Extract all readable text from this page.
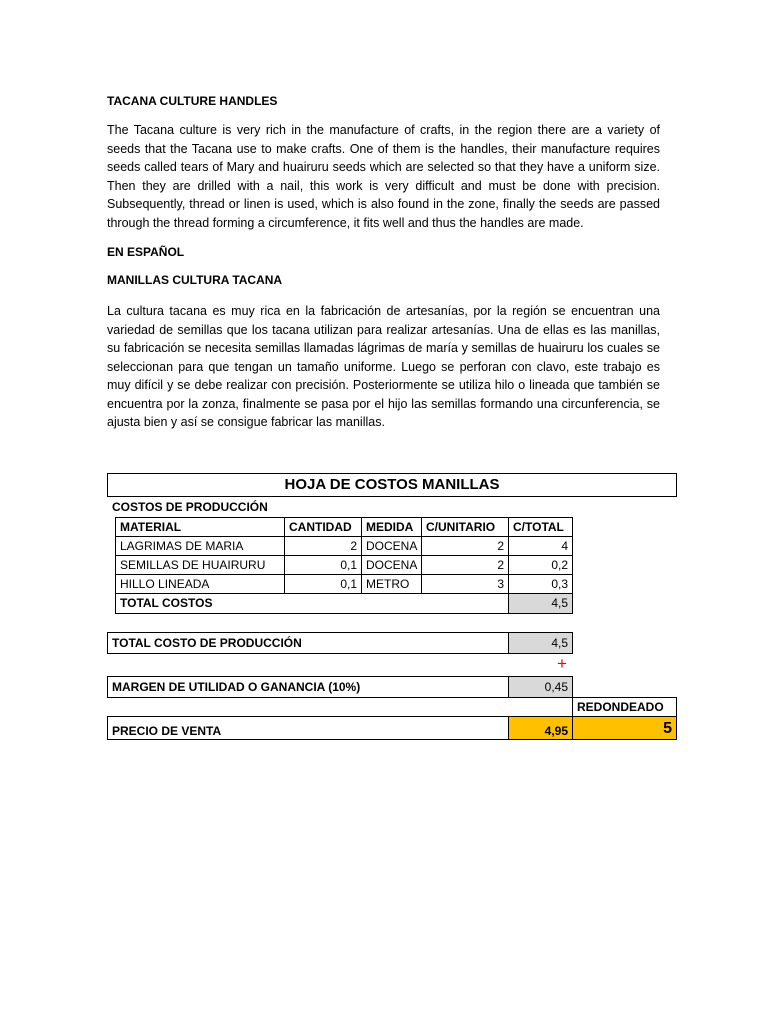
TACANA CULTURE HANDLES

The Tacana culture is very rich in the manufacture of crafts, in the region there are a variety of seeds that the Tacana use to make crafts. One of them is the handles, their manufacture requires seeds called tears of Mary and huairuru seeds which are selected so that they have a uniform size. Then they are drilled with a nail, this work is very difficult and must be done with precision. Subsequently, thread or linen is used, which is also found in the zone, finally the seeds are passed through the thread forming a circumference, it fits well and thus the handles are made.

EN ESPAÑOL

MANILLAS CULTURA TACANA

La cultura tacana es muy rica en la fabricación de artesanías, por la región se encuentran una variedad de semillas que los tacana utilizan para realizar artesanías. Una de ellas es las manillas, su fabricación se necesita semillas llamadas lágrimas de maría y semillas de huairuru los cuales se seleccionan para que tengan un tamaño uniforme. Luego se perforan con clavo, este trabajo es muy difícil y se debe realizar con precisión. Posteriormente se utiliza hilo o lineada que también se encuentra por la zonza, finalmente se pasa por el hijo las semillas formando una circunferencia, se ajusta bien y así se consigue fabricar las manillas.

HOJA DE COSTOS MANILLAS
COSTOS DE PRODUCCIÓN
MATERIAL	CANTIDAD	MEDIDA	C/UNITARIO	C/TOTAL
LAGRIMAS DE MARIA	2 DOCENA	2	4
SEMILLAS DE HUAIRURU	0,1 DOCENA	2	0,2
HILLO LINEADA	0,1 METRO	3	0,3
TOTAL COSTOS	4,5
TOTAL COSTO DE PRODUCCIÓN	4,5
+
MARGEN DE UTILIDAD O GANANCIA (10%)	0,45
REDONDEADO
PRECIO DE VENTA	4,95	5
